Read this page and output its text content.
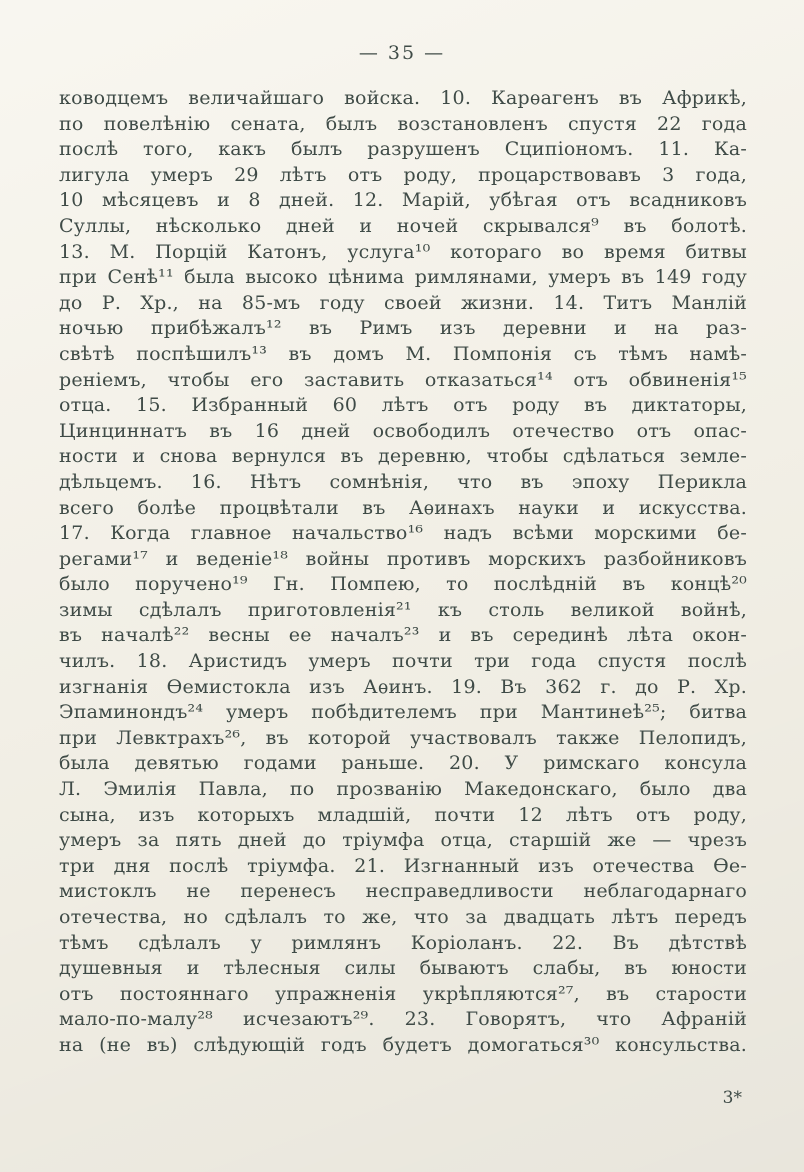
— 35 —
ководцемъ величайшаго войска. 10. Карѳагенъ въ Африкѣ,
по повелѣнію сената, былъ возстановленъ спустя 22 года
послѣ того, какъ былъ разрушенъ Сципіономъ. 11. Ка-
лигула умеръ 29 лѣтъ отъ роду, процарствовавъ 3 года,
10 мѣсяцевъ и 8 дней. 12. Марій, убѣгая отъ всадниковъ
Суллы, нѣсколько дней и ночей скрывался⁹ въ болотѣ.
13. М. Порцій Катонъ, услуга¹⁰ котораго во время битвы
при Сенѣ¹¹ была высоко цѣнима римлянами, умеръ въ 149 году
до Р. Хр., на 85-мъ году своей жизни. 14. Титъ Манлій
ночью прибѣжалъ¹² въ Римъ изъ деревни и на раз-
свѣтѣ поспѣшилъ¹³ въ домъ М. Помпонія съ тѣмъ намѣ-
реніемъ, чтобы его заставить отказаться¹⁴ отъ обвиненія¹⁵
отца. 15. Избранный 60 лѣтъ отъ роду въ диктаторы,
Цинциннатъ въ 16 дней освободилъ отечество отъ опас-
ности и снова вернулся въ деревню, чтобы сдѣлаться земле-
дѣльцемъ. 16. Нѣтъ сомнѣнія, что въ эпоху Перикла
всего болѣе процвѣтали въ Аѳинахъ науки и искусства.
17. Когда главное начальство¹⁶ надъ всѣми морскими бе-
регами¹⁷ и веденіе¹⁸ войны противъ морскихъ разбойниковъ
было поручено¹⁹ Гн. Помпею, то послѣдній въ концѣ²⁰
зимы сдѣлалъ приготовленія²¹ къ столь великой войнѣ,
въ началѣ²² весны ее началъ²³ и въ серединѣ лѣта окон-
чилъ. 18. Аристидъ умеръ почти три года спустя послѣ
изгнанія Ѳемистокла изъ Аѳинъ. 19. Въ 362 г. до Р. Хр.
Эпаминондъ²⁴ умеръ побѣдителемъ при Мантинеѣ²⁵; битва
при Левктрахъ²⁶, въ которой участвовалъ также Пелопидъ,
была девятью годами раньше. 20. У римскаго консула
Л. Эмилія Павла, по прозванію Македонскаго, было два
сына, изъ которыхъ младшій, почти 12 лѣтъ отъ роду,
умеръ за пять дней до тріумфа отца, старшій же — чрезъ
три дня послѣ тріумфа. 21. Изгнанный изъ отечества Ѳе-
мистоклъ не перенесъ несправедливости неблагодарнаго
отечества, но сдѣлалъ то же, что за двадцать лѣтъ передъ
тѣмъ сдѣлалъ у римлянъ Коріоланъ. 22. Въ дѣтствѣ
душевныя и тѣлесныя силы бываютъ слабы, въ юности
отъ постояннаго упражненія укрѣпляются²⁷, въ старости
мало-по-малу²⁸ исчезаютъ²⁹. 23. Говорятъ, что Афраній
на (не въ) слѣдующій годъ будетъ домогаться³⁰ консульства.
3*
